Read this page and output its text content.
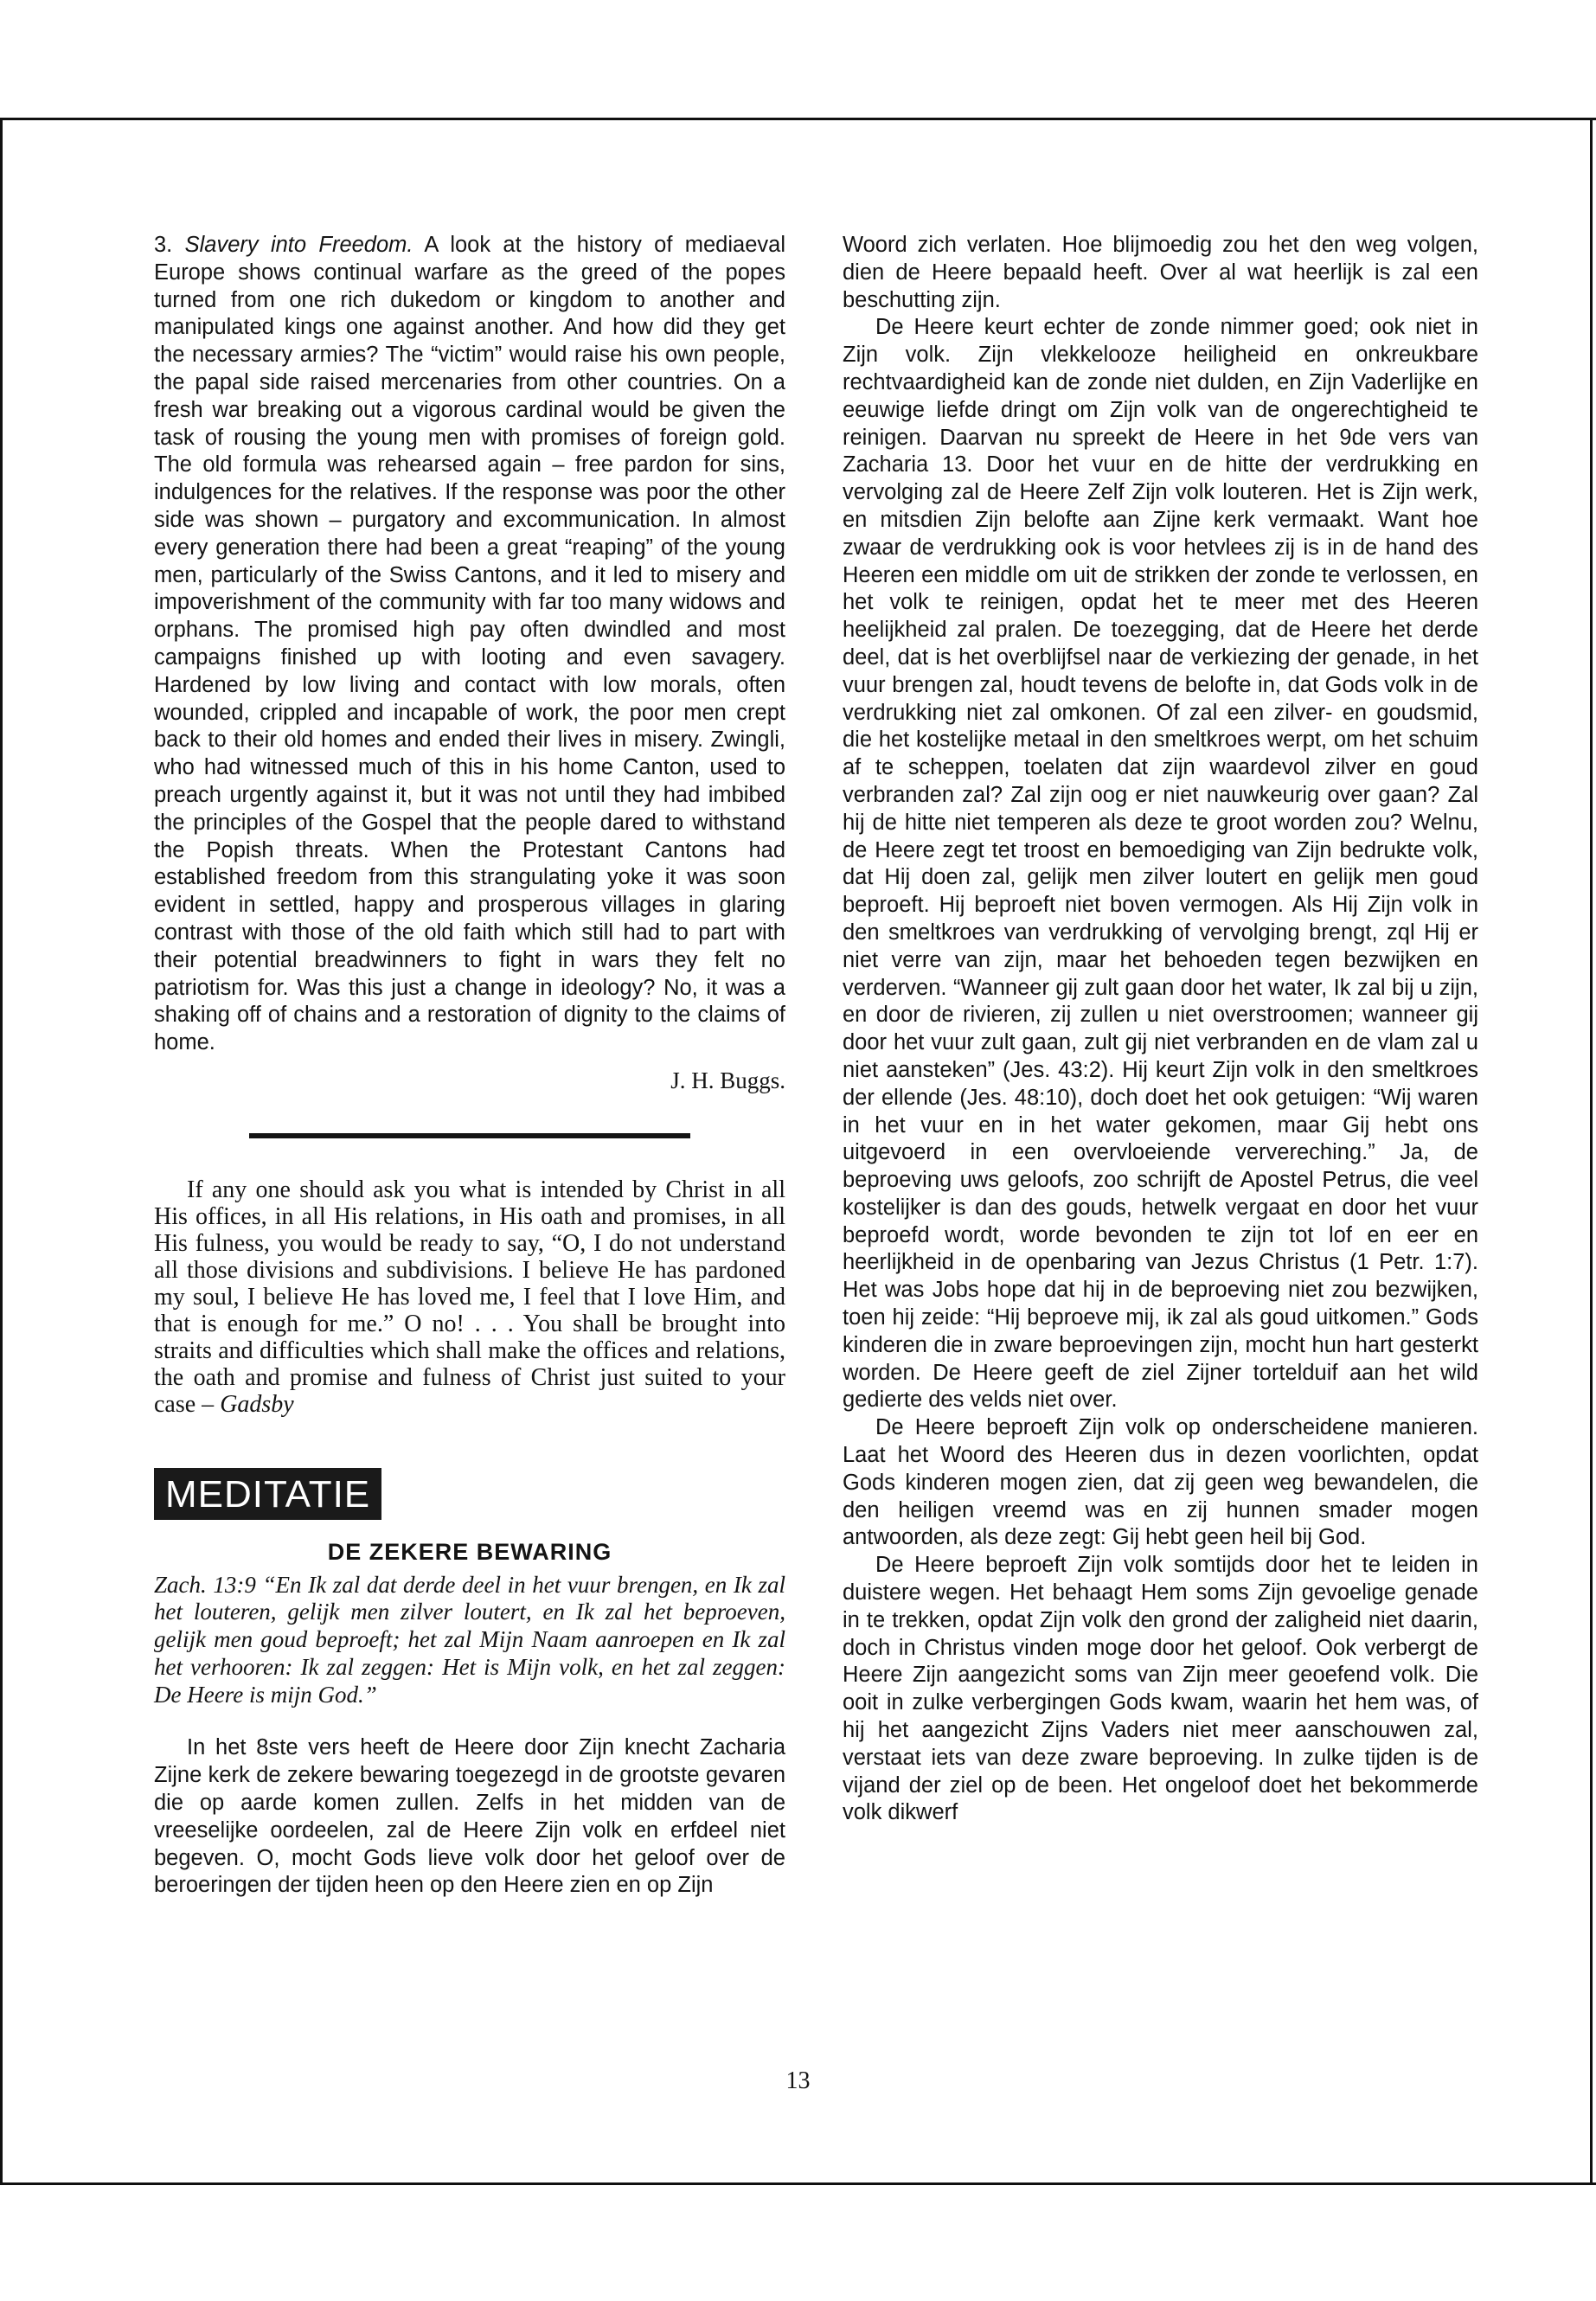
3. Slavery into Freedom. A look at the history of mediaeval Europe shows continual warfare as the greed of the popes turned from one rich dukedom or kingdom to another and manipulated kings one against another. And how did they get the necessary armies? The “victim” would raise his own people, the papal side raised mercenaries from other countries. On a fresh war breaking out a vigorous cardinal would be given the task of rousing the young men with promises of foreign gold. The old formula was rehearsed again – free pardon for sins, indulgences for the relatives. If the response was poor the other side was shown – purgatory and excommunication. In almost every generation there had been a great “reaping” of the young men, particularly of the Swiss Cantons, and it led to misery and impoverishment of the community with far too many widows and orphans. The promised high pay often dwindled and most campaigns finished up with looting and even savagery. Hardened by low living and contact with low morals, often wounded, crippled and incapable of work, the poor men crept back to their old homes and ended their lives in misery. Zwingli, who had witnessed much of this in his home Canton, used to preach urgently against it, but it was not until they had imbibed the principles of the Gospel that the people dared to withstand the Popish threats. When the Protestant Cantons had established freedom from this strangulating yoke it was soon evident in settled, happy and prosperous villages in glaring contrast with those of the old faith which still had to part with their potential breadwinners to fight in wars they felt no patriotism for. Was this just a change in ideology? No, it was a shaking off of chains and a restoration of dignity to the claims of home.

J. H. Buggs.

If any one should ask you what is intended by Christ in all His offices, in all His relations, in His oath and promises, in all His fulness, you would be ready to say, “O, I do not understand all those divisions and subdivisions. I believe He has pardoned my soul, I believe He has loved me, I feel that I love Him, and that is enough for me.” O no! . . . You shall be brought into straits and difficulties which shall make the offices and relations, the oath and promise and fulness of Christ just suited to your case – Gadsby

MEDITATIE
DE ZEKERE BEWARING

Zach. 13:9 “En Ik zal dat derde deel in het vuur brengen, en Ik zal het louteren, gelijk men zilver loutert, en Ik zal het beproeven, gelijk men goud beproeft; het zal Mijn Naam aanroepen en Ik zal het verhooren: Ik zal zeggen: Het is Mijn volk, en het zal zeggen: De Heere is mijn God.”

In het 8ste vers heeft de Heere door Zijn knecht Zacharia Zijne kerk de zekere bewaring toegezegd in de grootste gevaren die op aarde komen zullen. Zelfs in het midden van de vreeselijke oordeelen, zal de Heere Zijn volk en erfdeel niet begeven. O, mocht Gods lieve volk door het geloof over de beroeringen der tijden heen op den Heere zien en op Zijn

Woord zich verlaten. Hoe blijmoedig zou het den weg volgen, dien de Heere bepaald heeft. Over al wat heerlijk is zal een beschutting zijn.

De Heere keurt echter de zonde nimmer goed; ook niet in Zijn volk. Zijn vlekkelooze heiligheid en onkreukbare rechtvaardigheid kan de zonde niet dulden, en Zijn Vaderlijke en eeuwige liefde dringt om Zijn volk van de ongerechtigheid te reinigen. Daarvan nu spreekt de Heere in het 9de vers van Zacharia 13. Door het vuur en de hitte der verdrukking en vervolging zal de Heere Zelf Zijn volk louteren. Het is Zijn werk, en mitsdien Zijn belofte aan Zijne kerk vermaakt. Want hoe zwaar de verdrukking ook is voor hetvlees zij is in de hand des Heeren een middle om uit de strikken der zonde te verlossen, en het volk te reinigen, opdat het te meer met des Heeren heelijkheid zal pralen. De toezegging, dat de Heere het derde deel, dat is het overblijfsel naar de verkiezing der genade, in het vuur brengen zal, houdt tevens de belofte in, dat Gods volk in de verdrukking niet zal omkonen. Of zal een zilver- en goudsmid, die het kostelijke metaal in den smeltkroes werpt, om het schuim af te scheppen, toelaten dat zijn waardevol zilver en goud verbranden zal? Zal zijn oog er niet nauwkeurig over gaan? Zal hij de hitte niet temperen als deze te groot worden zou? Welnu, de Heere zegt tet troost en bemoediging van Zijn bedrukte volk, dat Hij doen zal, gelijk men zilver loutert en gelijk men goud beproeft. Hij beproeft niet boven vermogen. Als Hij Zijn volk in den smeltkroes van verdrukking of vervolging brengt, zql Hij er niet verre van zijn, maar het behoeden tegen bezwijken en verderven. “Wanneer gij zult gaan door het water, Ik zal bij u zijn, en door de rivieren, zij zullen u niet overstroomen; wanneer gij door het vuur zult gaan, zult gij niet verbranden en de vlam zal u niet aansteken” (Jes. 43:2). Hij keurt Zijn volk in den smeltkroes der ellende (Jes. 48:10), doch doet het ook getuigen: “Wij waren in het vuur en in het water gekomen, maar Gij hebt ons uitgevoerd in een overvloeiende ververeching.” Ja, de beproeving uws geloofs, zoo schrijft de Apostel Petrus, die veel kostelijker is dan des gouds, hetwelk vergaat en door het vuur beproefd wordt, worde bevonden te zijn tot lof en eer en heerlijkheid in de openbaring van Jezus Christus (1 Petr. 1:7). Het was Jobs hope dat hij in de beproeving niet zou bezwijken, toen hij zeide: “Hij beproeve mij, ik zal als goud uitkomen.” Gods kinderen die in zware beproevingen zijn, mocht hun hart gesterkt worden. De Heere geeft de ziel Zijner tortelduif aan het wild gedierte des velds niet over.

De Heere beproeft Zijn volk op onderscheidene manieren. Laat het Woord des Heeren dus in dezen voorlichten, opdat Gods kinderen mogen zien, dat zij geen weg bewandelen, die den heiligen vreemd was en zij hunnen smader mogen antwoorden, als deze zegt: Gij hebt geen heil bij God.

De Heere beproeft Zijn volk somtijds door het te leiden in duistere wegen. Het behaagt Hem soms Zijn gevoelige genade in te trekken, opdat Zijn volk den grond der zaligheid niet daarin, doch in Christus vinden moge door het geloof. Ook verbergt de Heere Zijn aangezicht soms van Zijn meer geoefend volk. Die ooit in zulke verbergingen Gods kwam, waarin het hem was, of hij het aangezicht Zijns Vaders niet meer aanschouwen zal, verstaat iets van deze zware beproeving. In zulke tijden is de vijand der ziel op de been. Het ongeloof doet het bekommerde volk dikwerf

13
